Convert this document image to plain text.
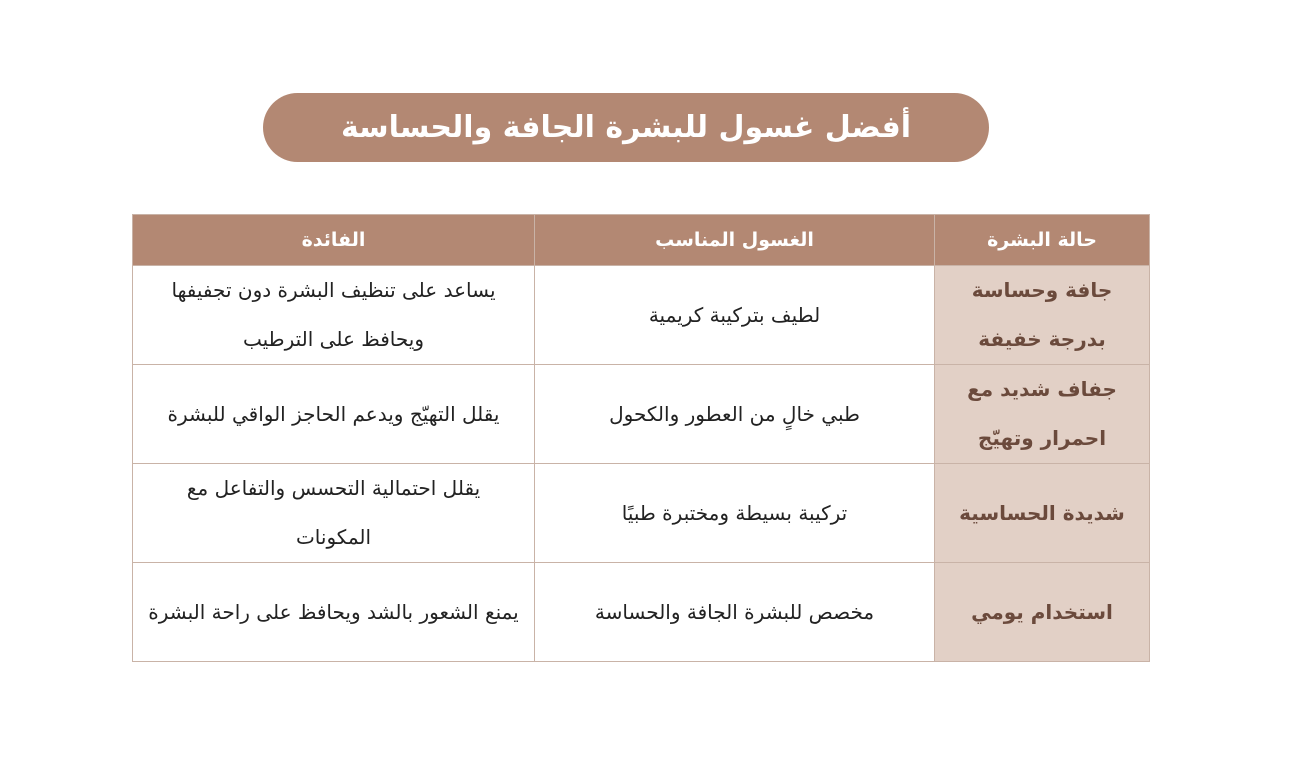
أفضل غسول للبشرة الجافة والحساسة
حالة البشرة	الغسول المناسب	الفائدة
جافة وحساسة بدرجة خفيفة	لطيف بتركيبة كريمية	يساعد على تنظيف البشرة دون تجفيفها ويحافظ على الترطيب
جفاف شديد مع احمرار وتهيّج	طبي خالٍ من العطور والكحول	يقلل التهيّج ويدعم الحاجز الواقي للبشرة
شديدة الحساسية	تركيبة بسيطة ومختبرة طبيًا	يقلل احتمالية التحسس والتفاعل مع المكونات
استخدام يومي	مخصص للبشرة الجافة والحساسة	يمنع الشعور بالشد ويحافظ على راحة البشرة
